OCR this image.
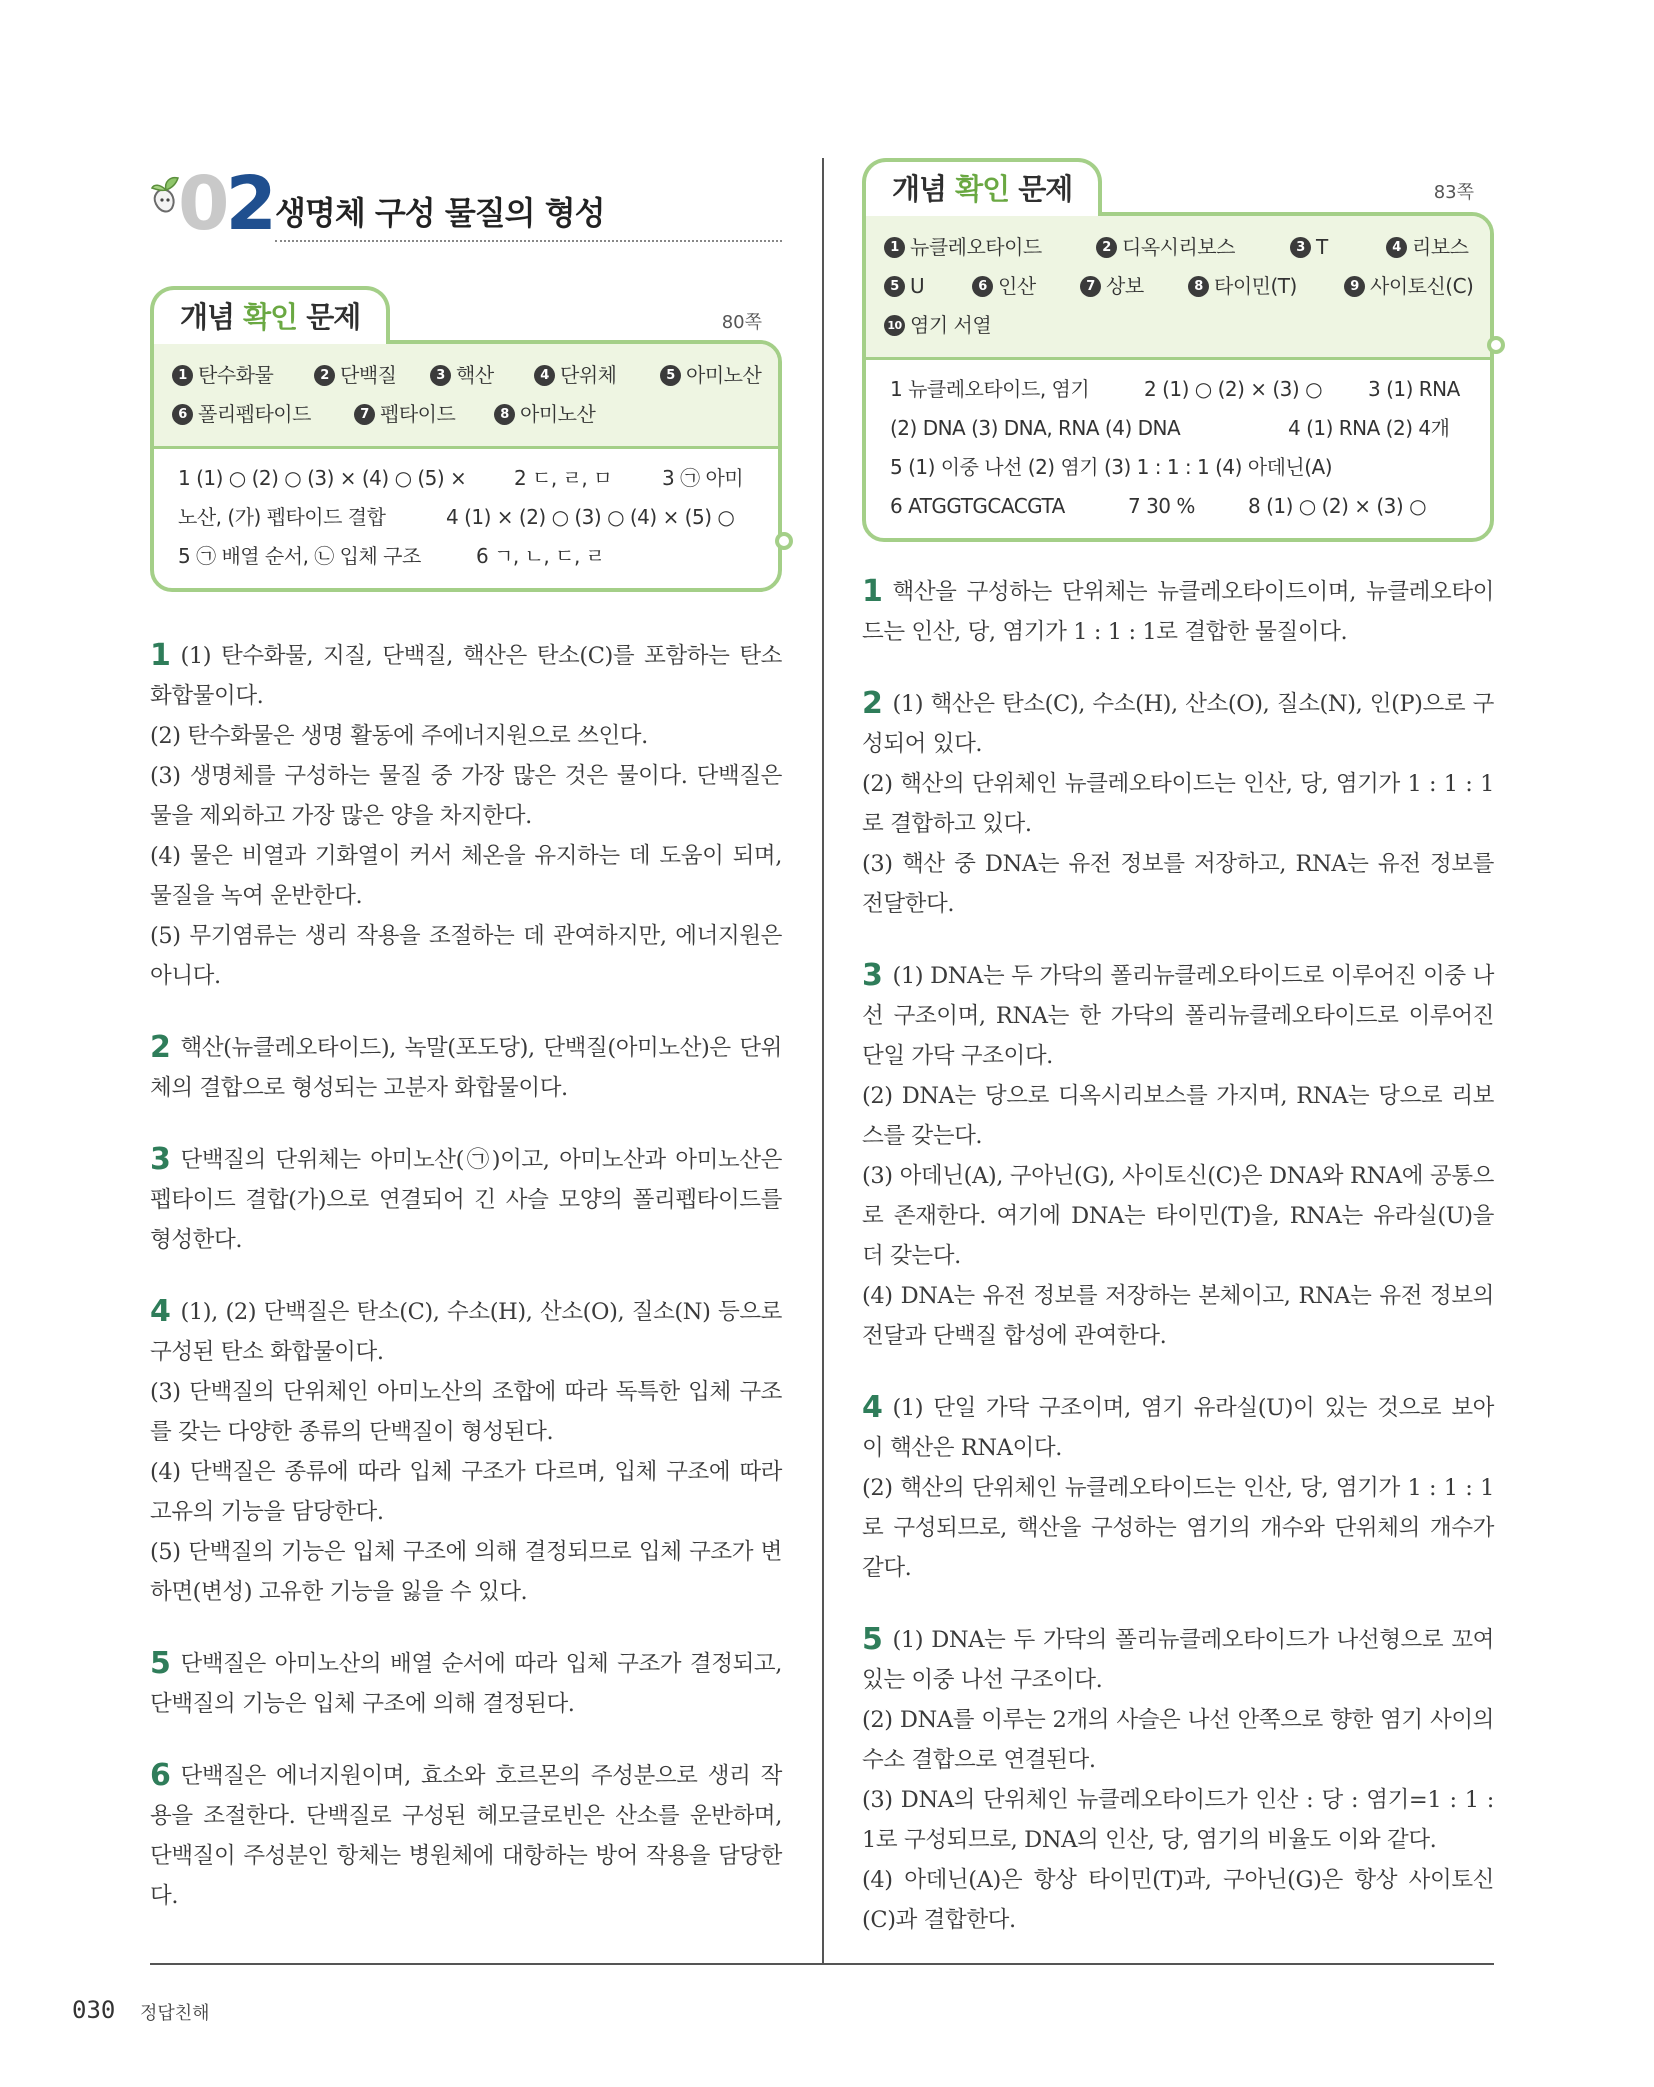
02 생명체 구성 물질의 형성
개념 확인 문제	80쪽
1 탄수화물	2 단백질	3 핵산	4 단위체	5 아미노산
6 폴리펩타이드	7 펩타이드	8 아미노산
1 (1) ○ (2) ○ (3) × (4) ○ (5) ×	2 ㄷ, ㄹ, ㅁ	3 ㉠ 아미
노산, (가) 펩타이드 결합	4 (1) × (2) ○ (3) ○ (4) × (5) ○
5 ㉠ 배열 순서, ㉡ 입체 구조	6 ㄱ, ㄴ, ㄷ, ㄹ

1 (1) 탄수화물, 지질, 단백질, 핵산은 탄소(C)를 포함하는 탄소 화합물이다.

(2) 탄수화물은 생명 활동에 주에너지원으로 쓰인다.

(3) 생명체를 구성하는 물질 중 가장 많은 것은 물이다. 단백질은 물을 제외하고 가장 많은 양을 차지한다.

(4) 물은 비열과 기화열이 커서 체온을 유지하는 데 도움이 되며, 물질을 녹여 운반한다.

(5) 무기염류는 생리 작용을 조절하는 데 관여하지만, 에너지원은 아니다.

2 핵산(뉴클레오타이드), 녹말(포도당), 단백질(아미노산)은 단위체의 결합으로 형성되는 고분자 화합물이다.

3 단백질의 단위체는 아미노산(㉠)이고, 아미노산과 아미노산은 펩타이드 결합(가)으로 연결되어 긴 사슬 모양의 폴리펩타이드를 형성한다.

4 (1), (2) 단백질은 탄소(C), 수소(H), 산소(O), 질소(N) 등으로 구성된 탄소 화합물이다.

(3) 단백질의 단위체인 아미노산의 조합에 따라 독특한 입체 구조를 갖는 다양한 종류의 단백질이 형성된다.

(4) 단백질은 종류에 따라 입체 구조가 다르며, 입체 구조에 따라 고유의 기능을 담당한다.

(5) 단백질의 기능은 입체 구조에 의해 결정되므로 입체 구조가 변하면(변성) 고유한 기능을 잃을 수 있다.

5 단백질은 아미노산의 배열 순서에 따라 입체 구조가 결정되고, 단백질의 기능은 입체 구조에 의해 결정된다.

6 단백질은 에너지원이며, 효소와 호르몬의 주성분으로 생리 작용을 조절한다. 단백질로 구성된 헤모글로빈은 산소를 운반하며, 단백질이 주성분인 항체는 병원체에 대항하는 방어 작용을 담당한다.

개념 확인 문제	83쪽
1 뉴클레오타이드	2 디옥시리보스	3 T	4 리보스
5 U	6 인산	7 상보	8 타이민(T)	9 사이토신(C)
10 염기 서열
1 뉴클레오타이드, 염기	2 (1) ○ (2) × (3) ○	3 (1) RNA
(2) DNA (3) DNA, RNA (4) DNA	4 (1) RNA (2) 4개
5 (1) 이중 나선 (2) 염기 (3) 1 : 1 : 1 (4) 아데닌(A)
6 ATGGTGCACGTA	7 30 %	8 (1) ○ (2) × (3) ○

1 핵산을 구성하는 단위체는 뉴클레오타이드이며, 뉴클레오타이드는 인산, 당, 염기가 1 : 1 : 1로 결합한 물질이다.

2 (1) 핵산은 탄소(C), 수소(H), 산소(O), 질소(N), 인(P)으로 구성되어 있다.

(2) 핵산의 단위체인 뉴클레오타이드는 인산, 당, 염기가 1 : 1 : 1로 결합하고 있다.

(3) 핵산 중 DNA는 유전 정보를 저장하고, RNA는 유전 정보를 전달한다.

3 (1) DNA는 두 가닥의 폴리뉴클레오타이드로 이루어진 이중 나선 구조이며, RNA는 한 가닥의 폴리뉴클레오타이드로 이루어진 단일 가닥 구조이다.

(2) DNA는 당으로 디옥시리보스를 가지며, RNA는 당으로 리보스를 갖는다.

(3) 아데닌(A), 구아닌(G), 사이토신(C)은 DNA와 RNA에 공통으로 존재한다. 여기에 DNA는 타이민(T)을, RNA는 유라실(U)을 더 갖는다.

(4) DNA는 유전 정보를 저장하는 본체이고, RNA는 유전 정보의 전달과 단백질 합성에 관여한다.

4 (1) 단일 가닥 구조이며, 염기 유라실(U)이 있는 것으로 보아 이 핵산은 RNA이다.

(2) 핵산의 단위체인 뉴클레오타이드는 인산, 당, 염기가 1 : 1 : 1로 구성되므로, 핵산을 구성하는 염기의 개수와 단위체의 개수가 같다.

5 (1) DNA는 두 가닥의 폴리뉴클레오타이드가 나선형으로 꼬여 있는 이중 나선 구조이다.

(2) DNA를 이루는 2개의 사슬은 나선 안쪽으로 향한 염기 사이의 수소 결합으로 연결된다.

(3) DNA의 단위체인 뉴클레오타이드가 인산 : 당 : 염기=1 : 1 : 1로 구성되므로, DNA의 인산, 당, 염기의 비율도 이와 같다.

(4) 아데닌(A)은 항상 타이민(T)과, 구아닌(G)은 항상 사이토신(C)과 결합한다.

030 정답친해
